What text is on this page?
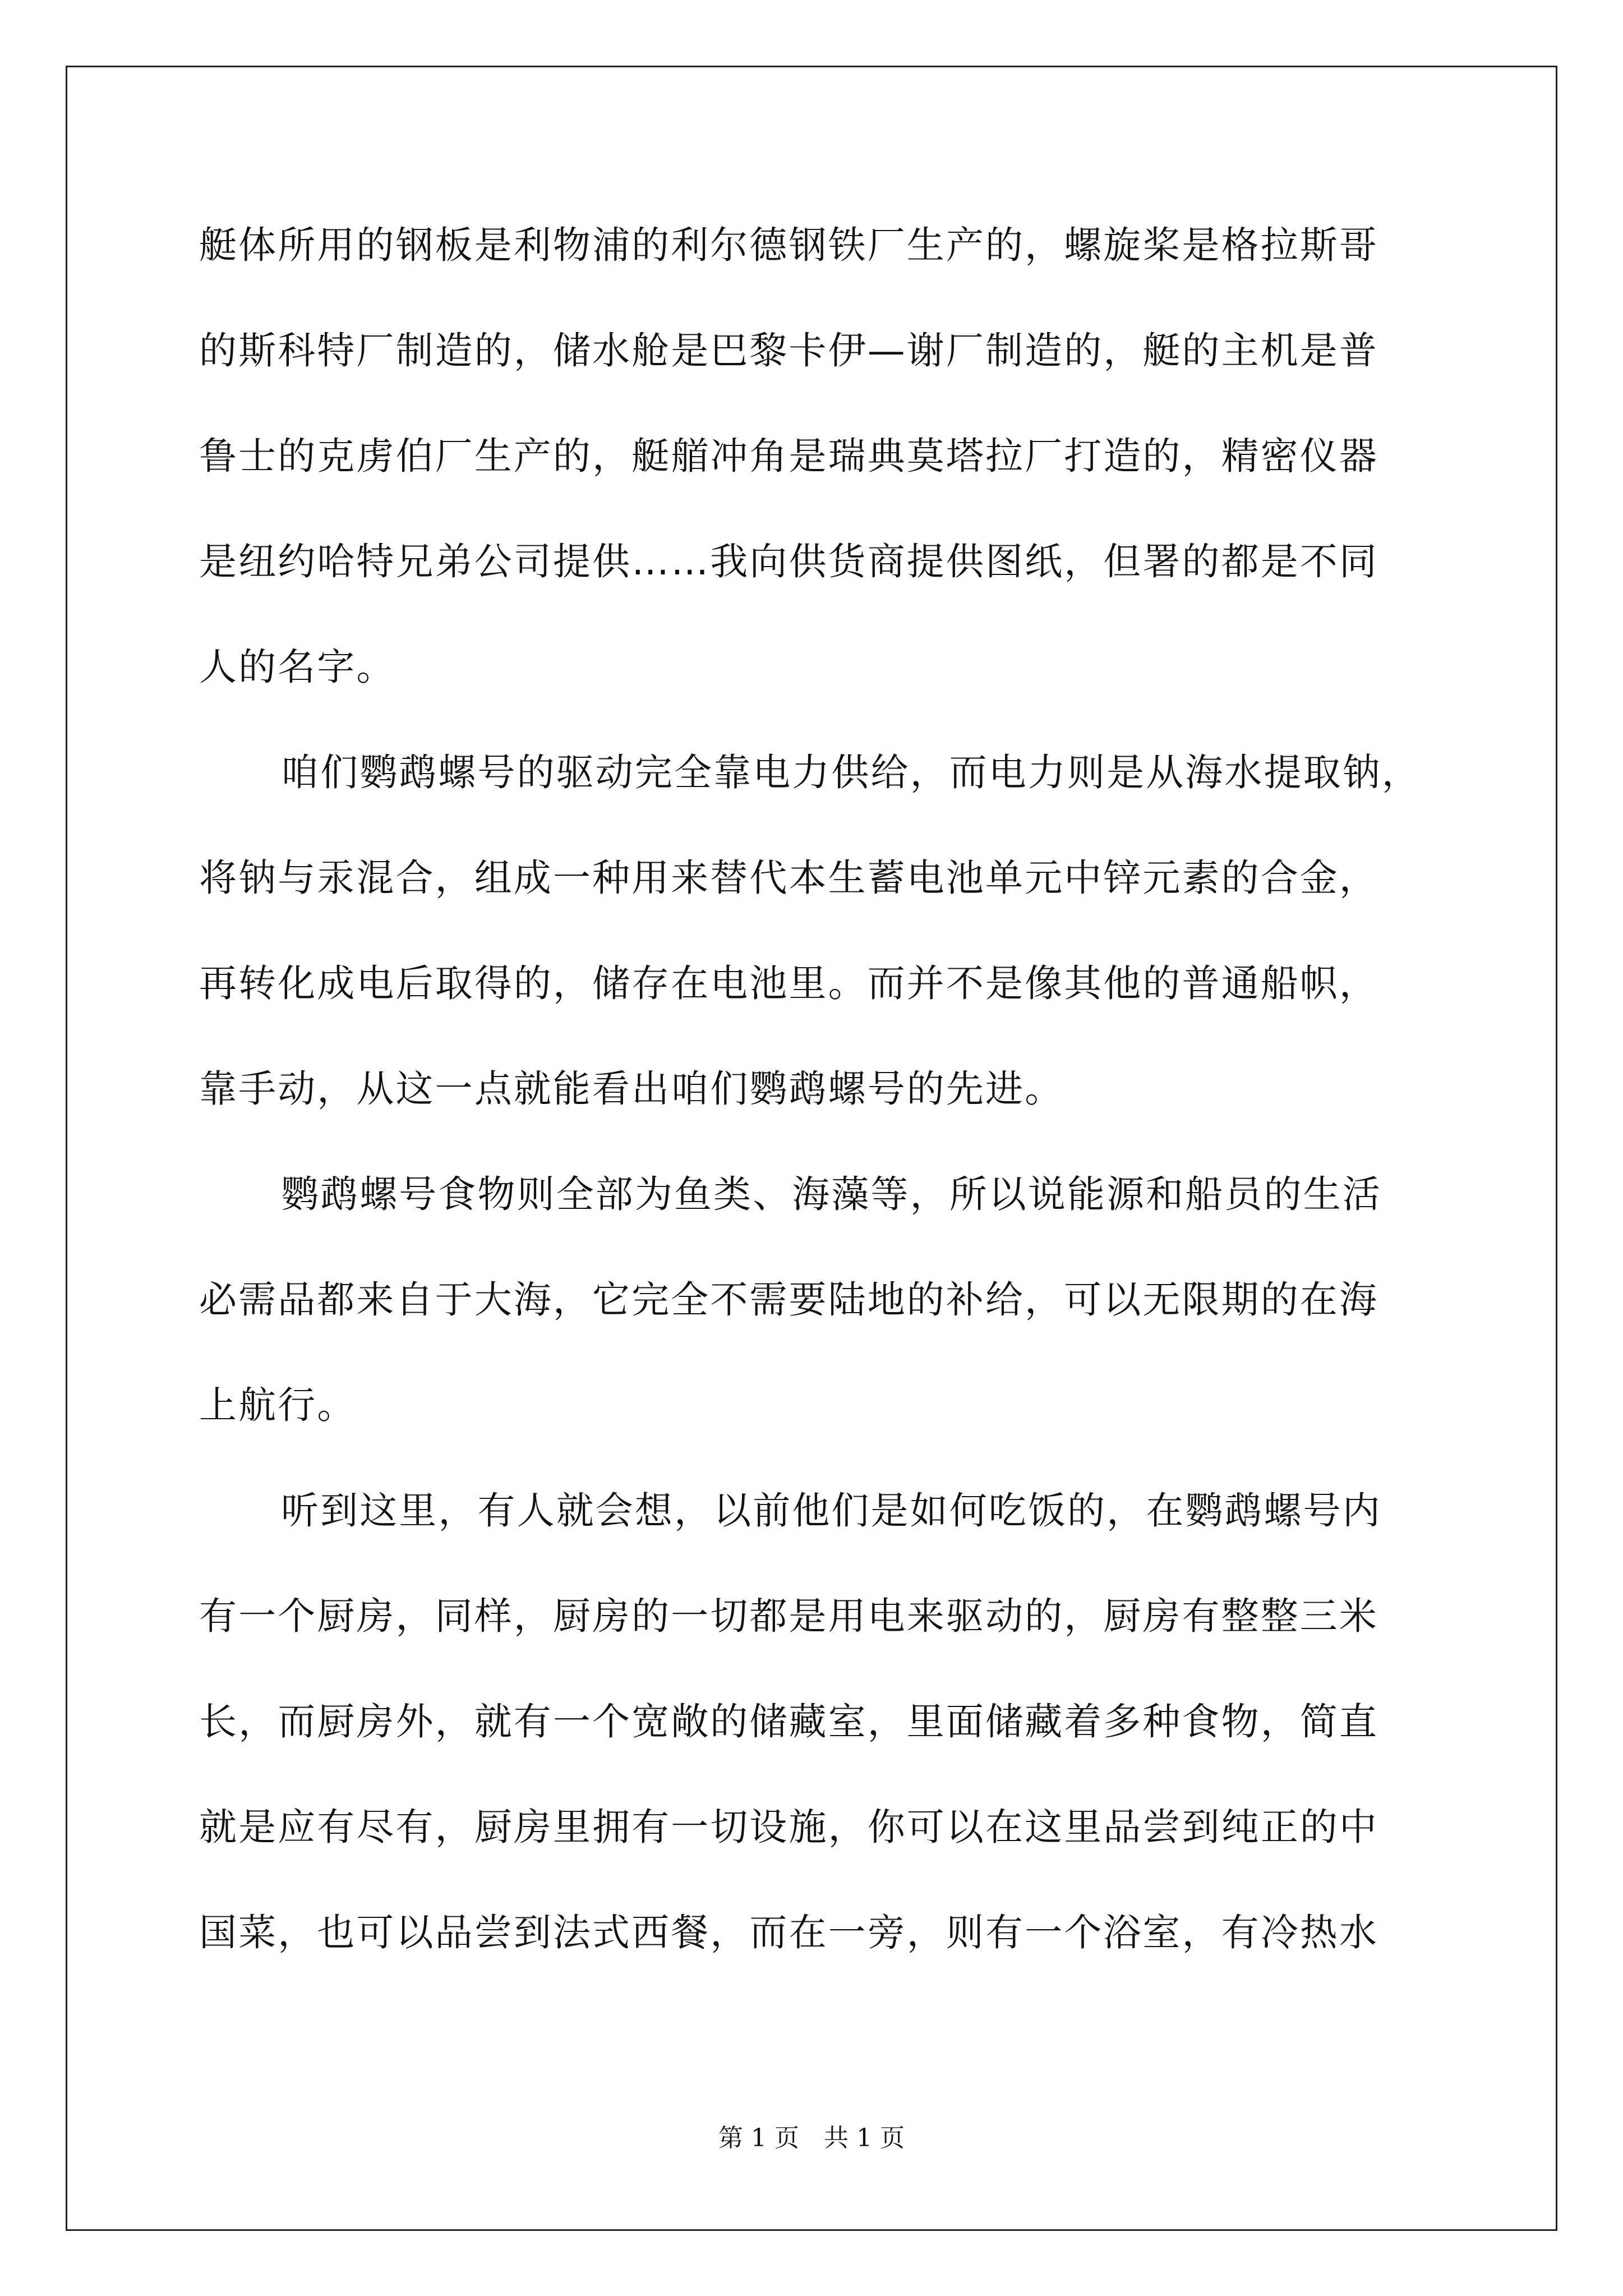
艇体所用的钢板是利物浦的利尔德钢铁厂生产的，螺旋桨是格拉斯哥
的斯科特厂制造的，储水舱是巴黎卡伊—谢厂制造的，艇的主机是普
鲁士的克虏伯厂生产的，艇艏冲角是瑞典莫塔拉厂打造的，精密仪器
是纽约哈特兄弟公司提供……我向供货商提供图纸，但署的都是不同
人的名字。
咱们鹦鹉螺号的驱动完全靠电力供给，而电力则是从海水提取钠，
将钠与汞混合，组成一种用来替代本生蓄电池单元中锌元素的合金，
再转化成电后取得的，储存在电池里。而并不是像其他的普通船帜，
靠手动，从这一点就能看出咱们鹦鹉螺号的先进。
鹦鹉螺号食物则全部为鱼类、海藻等，所以说能源和船员的生活
必需品都来自于大海，它完全不需要陆地的补给，可以无限期的在海
上航行。
听到这里，有人就会想，以前他们是如何吃饭的，在鹦鹉螺号内
有一个厨房，同样，厨房的一切都是用电来驱动的，厨房有整整三米
长，而厨房外，就有一个宽敞的储藏室，里面储藏着多种食物，简直
就是应有尽有，厨房里拥有一切设施，你可以在这里品尝到纯正的中
国菜，也可以品尝到法式西餐，而在一旁，则有一个浴室，有冷热水
第 1 页　共 1 页
